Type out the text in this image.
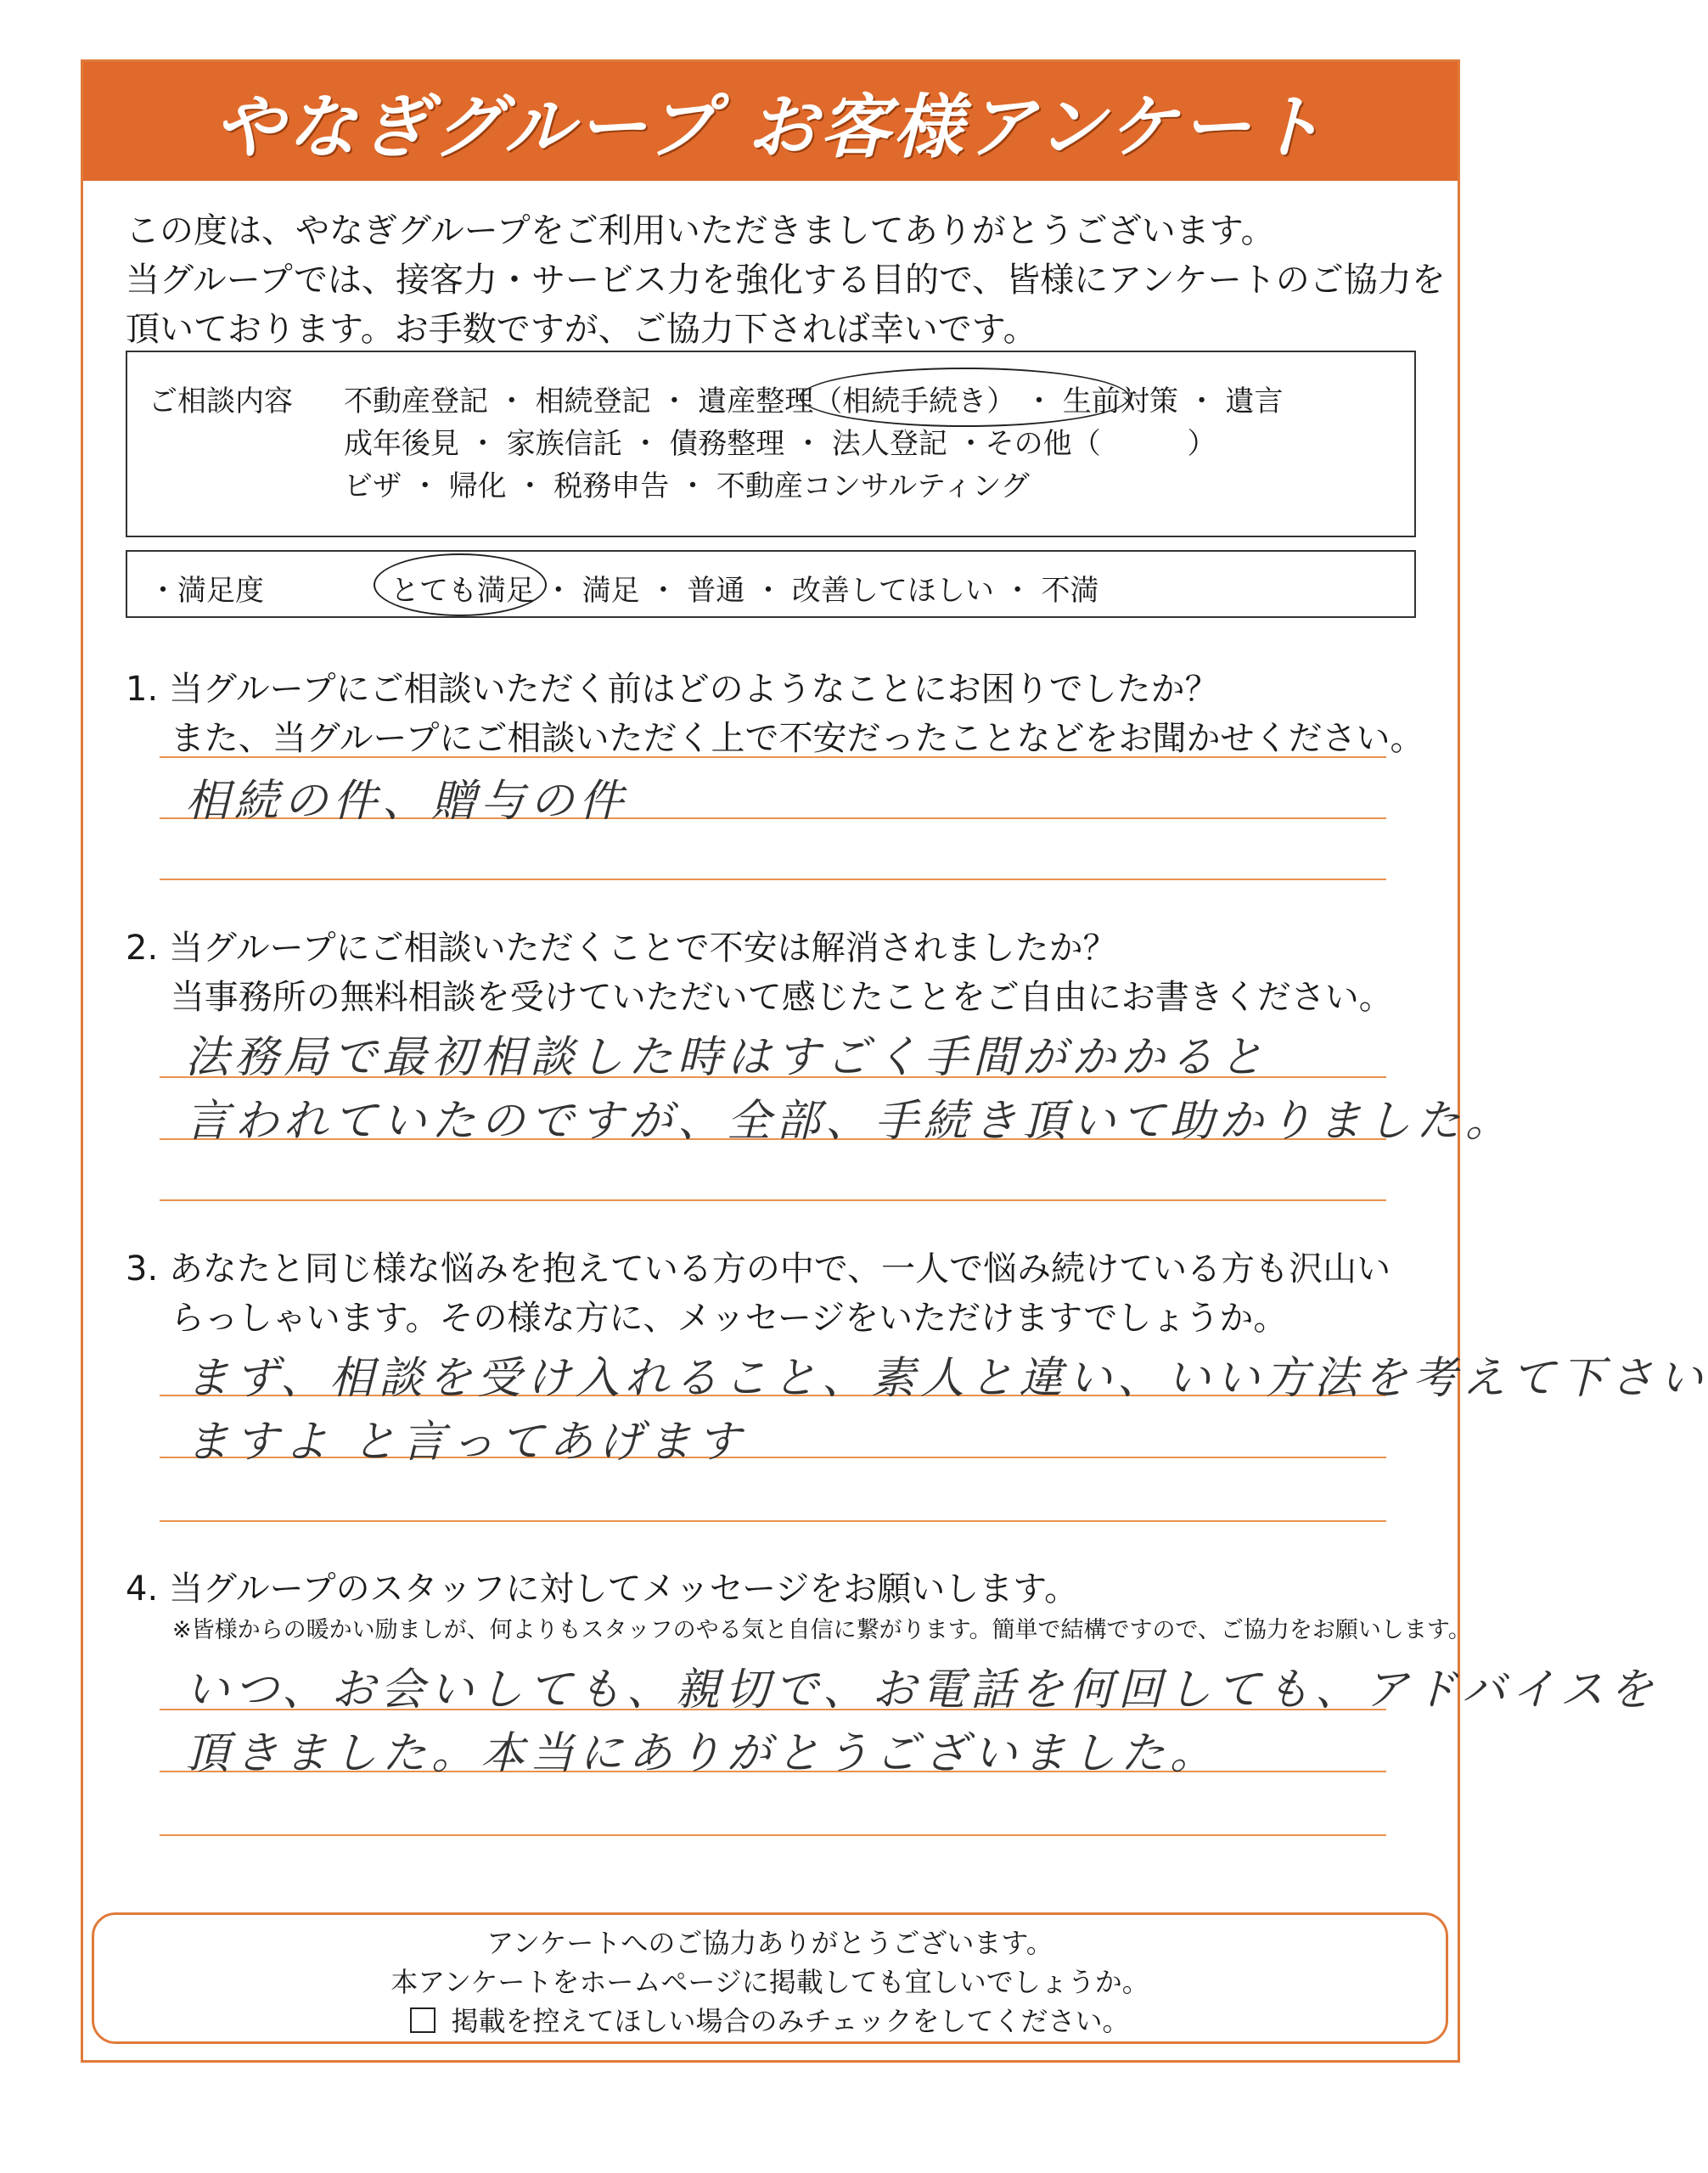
やなぎグループ お客様アンケート
この度は、やなぎグループをご利用いただきましてありがとうございます。
当グループでは、接客力・サービス力を強化する目的で、皆様にアンケートのご協力を
頂いております。お手数ですが、ご協力下されば幸いです。
ご相談内容 不動産登記 ・ 相続登記 ・ 遺産整理（相続手続き） ・ 生前対策 ・ 遺言
成年後見 ・ 家族信託 ・ 債務整理 ・ 法人登記 ・その他（　　　）
ビザ ・ 帰化 ・ 税務申告 ・ 不動産コンサルティング
・満足度	とても満足 ・ 満足 ・ 普通 ・ 改善してほしい ・ 不満
1. 当グループにご相談いただく前はどのようなことにお困りでしたか？
　 また、当グループにご相談いただく上で不安だったことなどをお聞かせください。
相続の件、贈与の件
2. 当グループにご相談いただくことで不安は解消されましたか？
　 当事務所の無料相談を受けていただいて感じたことをご自由にお書きください。
法務局で最初相談した時はすごく手間がかかると
言われていたのですが、全部、手続き頂いて助かりました。
3. あなたと同じ様な悩みを抱えている方の中で、一人で悩み続けている方も沢山い
　 らっしゃいます。その様な方に、メッセージをいただけますでしょうか。
まず、相談を受け入れること、素人と違い、いい方法を考えて下さい
ますよ と言ってあげます
4. 当グループのスタッフに対してメッセージをお願いします。
※皆様からの暖かい励ましが、何よりもスタッフのやる気と自信に繋がります。簡単で結構ですので、ご協力をお願いします。
いつ、お会いしても、親切で、お電話を何回しても、アドバイスを
頂きました。本当にありがとうございました。
アンケートへのご協力ありがとうございます。
本アンケートをホームページに掲載しても宜しいでしょうか。
掲載を控えてほしい場合のみチェックをしてください。
